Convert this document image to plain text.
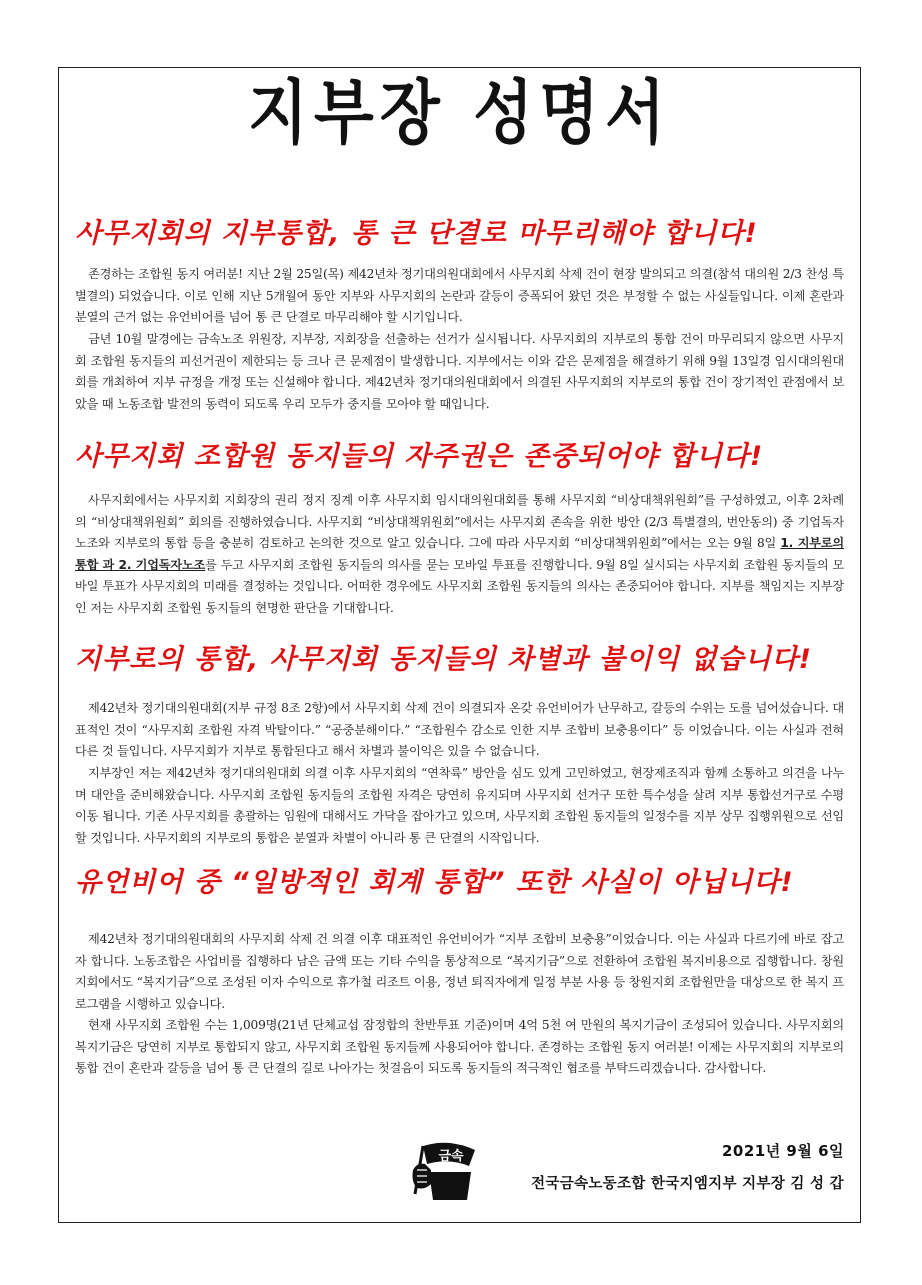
지부장 성명서
사무지회의 지부통합, 통 큰 단결로 마무리해야 합니다!
존경하는 조합원 동지 여러분! 지난 2월 25일(목) 제42년차 정기대의원대회에서 사무지회 삭제 건이 현장 발의되고 의결(참석 대의원 2/3 찬성 특별결의) 되었습니다. 이로 인해 지난 5개월여 동안 지부와 사무지회의 논란과 갈등이 증폭되어 왔던 것은 부정할 수 없는 사실들입니다. 이제 혼란과 분열의 근거 없는 유언비어를 넘어 통 큰 단결로 마무리해야 할 시기입니다.
금년 10월 말경에는 금속노조 위원장, 지부장, 지회장을 선출하는 선거가 실시됩니다. 사무지회의 지부로의 통합 건이 마무리되지 않으면 사무지회 조합원 동지들의 피선거권이 제한되는 등 크나 큰 문제점이 발생합니다. 지부에서는 이와 같은 문제점을 해결하기 위해 9월 13일경 임시대의원대회를 개최하여 지부 규정을 개정 또는 신설해야 합니다. 제42년차 정기대의원대회에서 의결된 사무지회의 지부로의 통합 건이 장기적인 관점에서 보았을 때 노동조합 발전의 동력이 되도록 우리 모두가 중지를 모아야 할 때입니다.
사무지회 조합원 동지들의 자주권은 존중되어야 합니다!
사무지회에서는 사무지회 지회장의 권리 정지 징계 이후 사무지회 임시대의원대회를 통해 사무지회 “비상대책위원회”를 구성하였고, 이후 2차례의 “비상대책위원회” 회의를 진행하였습니다. 사무지회 “비상대책위원회”에서는 사무지회 존속을 위한 방안 (2/3 특별결의, 번안동의) 중 기업독자노조와 지부로의 통합 등을 충분히 검토하고 논의한 것으로 알고 있습니다. 그에 따라 사무지회 “비상대책위원회”에서는 오는 9월 8일 1. 지부로의 통합 과 2. 기업독자노조를 두고 사무지회 조합원 동지들의 의사를 묻는 모바일 투표를 진행합니다. 9월 8일 실시되는 사무지회 조합원 동지들의 모바일 투표가 사무지회의 미래를 결정하는 것입니다. 어떠한 경우에도 사무지회 조합원 동지들의 의사는 존중되어야 합니다. 지부를 책임지는 지부장인 저는 사무지회 조합원 동지들의 현명한 판단을 기대합니다.
지부로의 통합, 사무지회 동지들의 차별과 불이익 없습니다!
제42년차 정기대의원대회(지부 규정 8조 2항)에서 사무지회 삭제 건이 의결되자 온갖 유언비어가 난무하고, 갈등의 수위는 도를 넘어섰습니다. 대표적인 것이 “사무지회 조합원 자격 박탈이다.” “공중분해이다.” “조합원수 감소로 인한 지부 조합비 보충용이다” 등 이었습니다. 이는 사실과 전혀 다른 것 들입니다. 사무지회가 지부로 통합된다고 해서 차별과 불이익은 있을 수 없습니다.
지부장인 저는 제42년차 정기대의원대회 의결 이후 사무지회의 “연착륙” 방안을 심도 있게 고민하였고, 현장제조직과 함께 소통하고 의견을 나누며 대안을 준비해왔습니다. 사무지회 조합원 동지들의 조합원 자격은 당연히 유지되며 사무지회 선거구 또한 특수성을 살려 지부 통합선거구로 수평이동 됩니다. 기존 사무지회를 총괄하는 임원에 대해서도 가닥을 잡아가고 있으며, 사무지회 조합원 동지들의 일정수를 지부 상무 집행위원으로 선임할 것입니다. 사무지회의 지부로의 통합은 분열과 차별이 아니라 통 큰 단결의 시작입니다.
유언비어 중 “일방적인 회계 통합” 또한 사실이 아닙니다!
제42년차 정기대의원대회의 사무지회 삭제 건 의결 이후 대표적인 유언비어가 “지부 조합비 보충용”이었습니다. 이는 사실과 다르기에 바로 잡고자 합니다. 노동조합은 사업비를 집행하다 남은 금액 또는 기타 수익을 통상적으로 “복지기금”으로 전환하여 조합원 복지비용으로 집행합니다. 창원지회에서도 “복지기금”으로 조성된 이자 수익으로 휴가철 리조트 이용, 정년 퇴직자에게 일정 부분 사용 등 창원지회 조합원만을 대상으로 한 복지 프로그램을 시행하고 있습니다.
현재 사무지회 조합원 수는 1,009명(21년 단체교섭 잠정합의 찬반투표 기준)이며 4억 5천 여 만원의 복지기금이 조성되어 있습니다. 사무지회의 복지기금은 당연히 지부로 통합되지 않고, 사무지회 조합원 동지들께 사용되어야 합니다. 존경하는 조합원 동지 여러분! 이제는 사무지회의 지부로의 통합 건이 혼란과 갈등을 넘어 통 큰 단결의 길로 나아가는 첫걸음이 되도록 동지들의 적극적인 협조를 부탁드리겠습니다. 감사합니다.
금속	2021년 9월 6일
전국금속노동조합 한국지엠지부 지부장 김 성 갑
